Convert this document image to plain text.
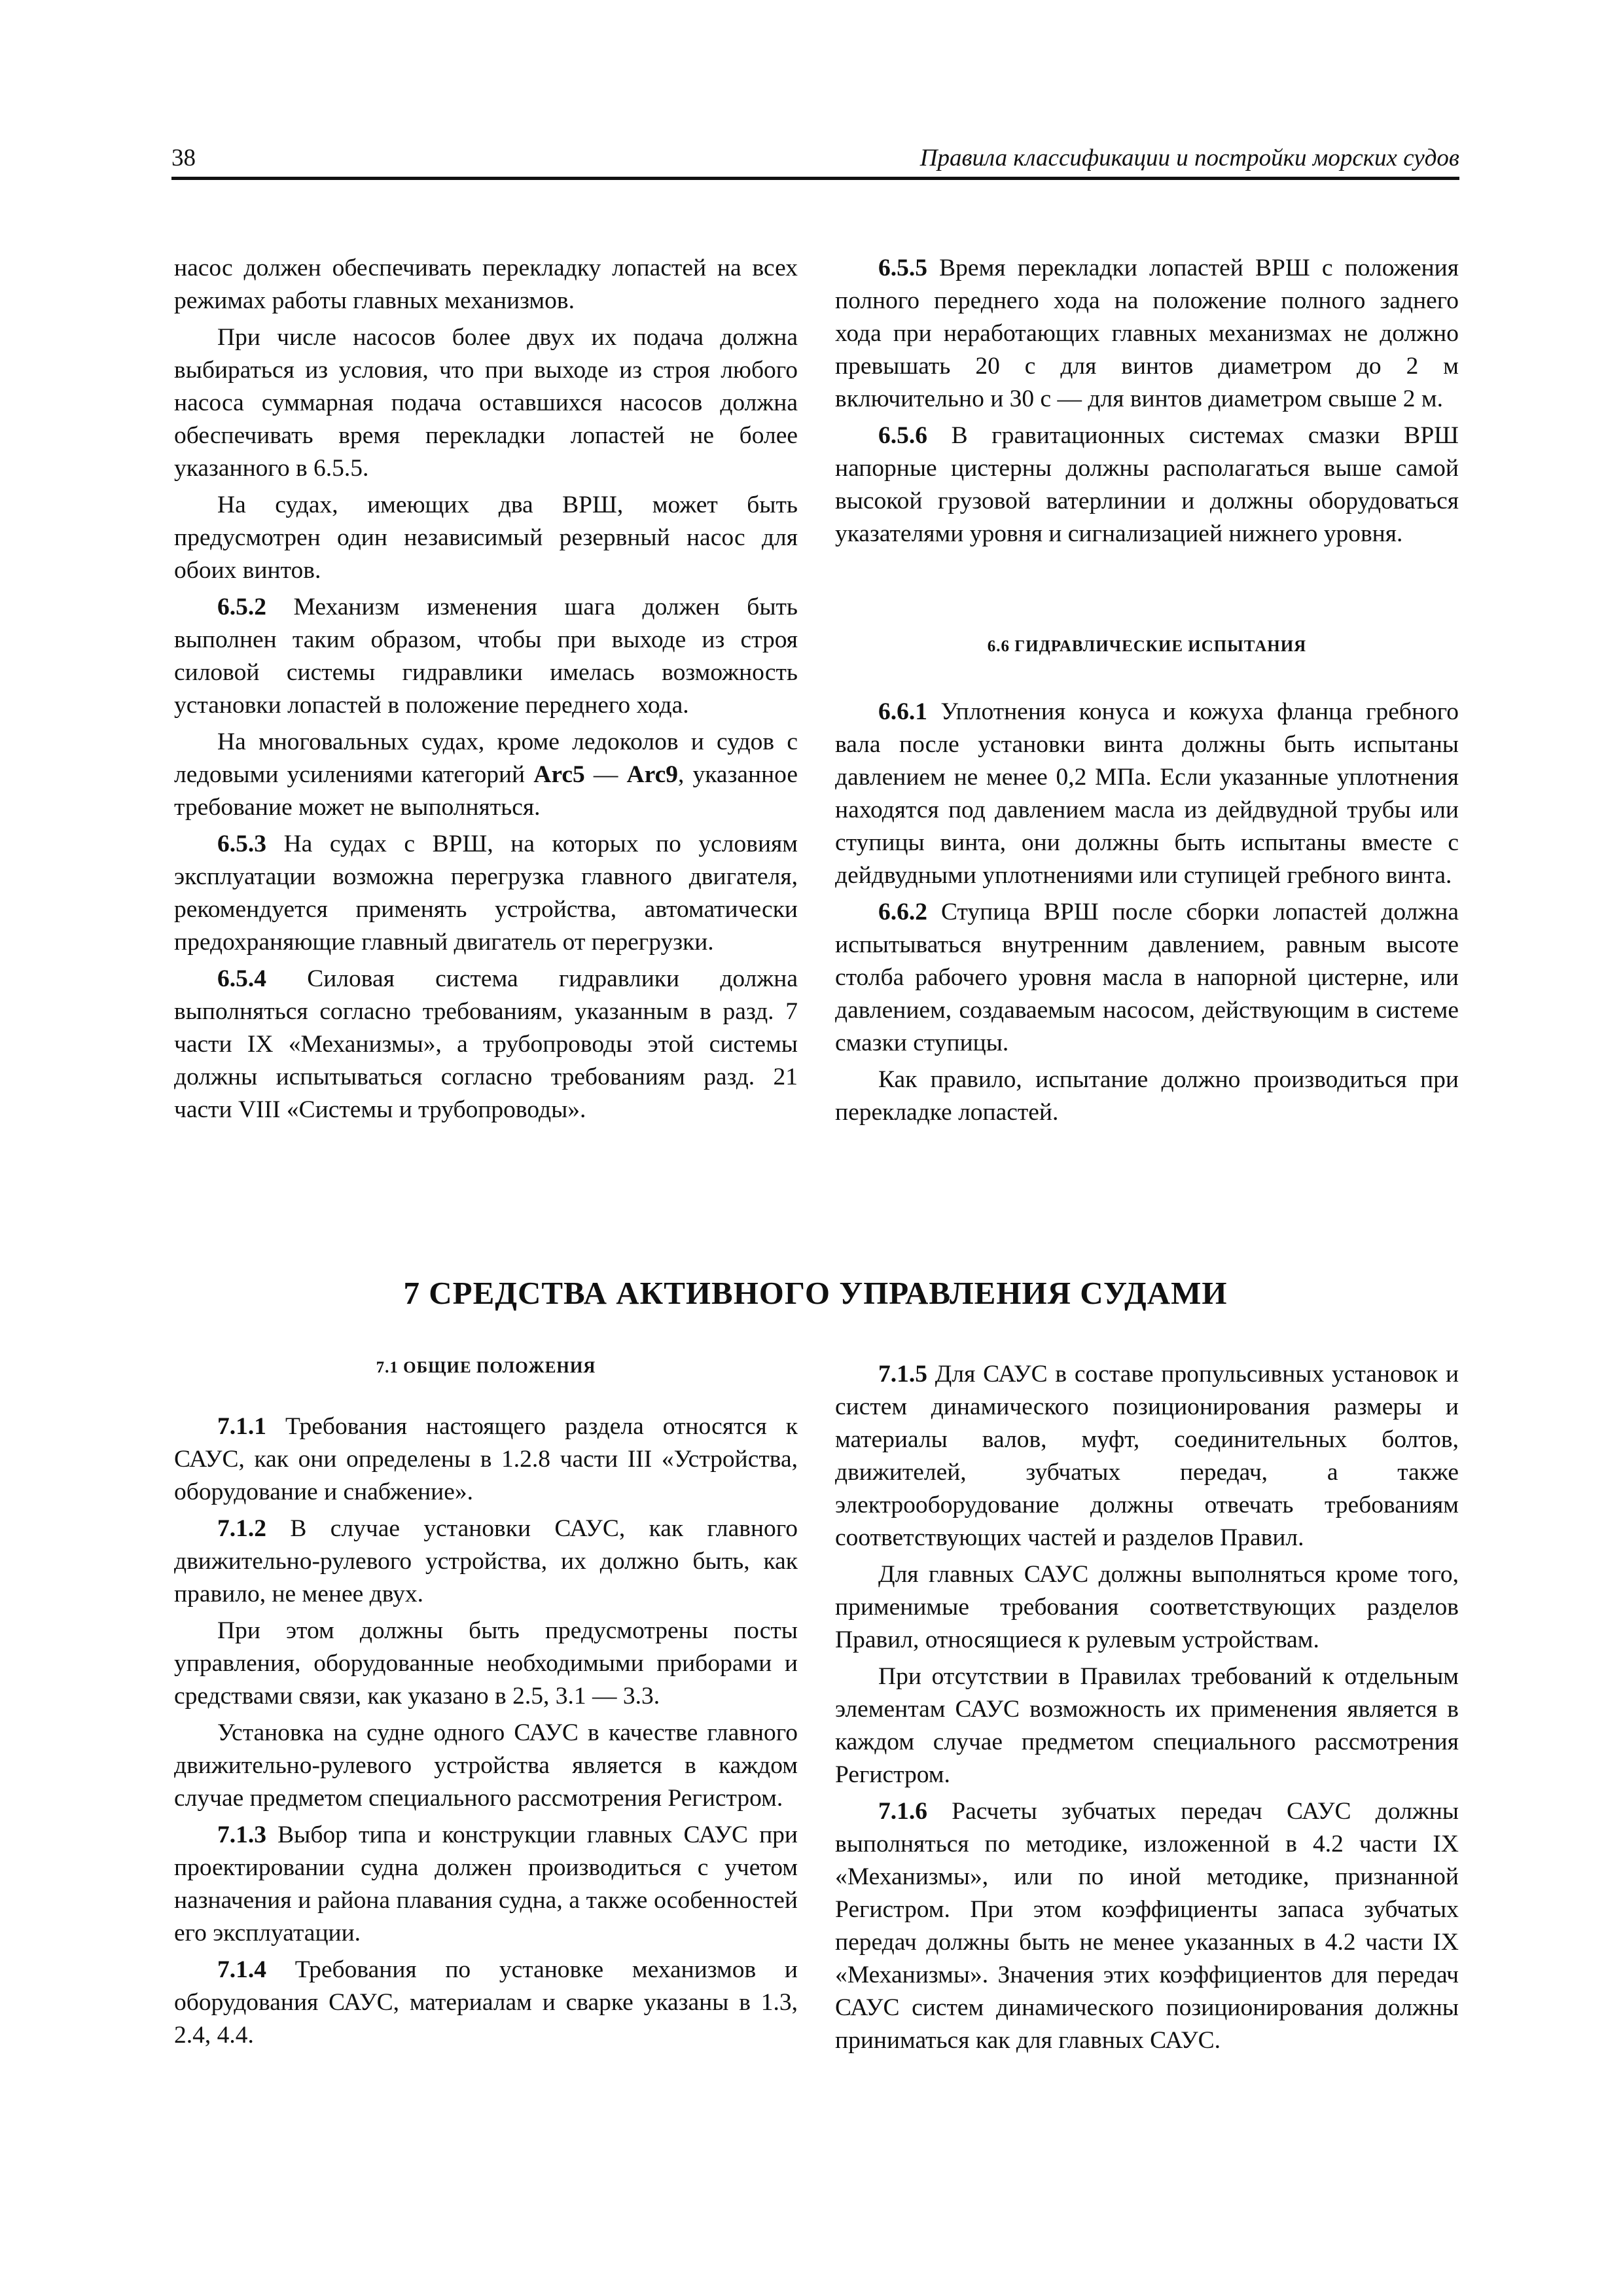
38	Правила классификации и постройки морских судов

насос должен обеспечивать перекладку лопастей на всех режимах работы главных механизмов.

При числе насосов более двух их подача должна выбираться из условия, что при выходе из строя любого насоса суммарная подача оставшихся насосов должна обеспечивать время перекладки лопастей не более указанного в 6.5.5.

На судах, имеющих два ВРШ, может быть предусмотрен один независимый резервный насос для обоих винтов.

6.5.2 Механизм изменения шага должен быть выполнен таким образом, чтобы при выходе из строя силовой системы гидравлики имелась возможность установки лопастей в положение переднего хода.

На многовальных судах, кроме ледоколов и судов с ледовыми усилениями категорий Arc5 — Arc9, указанное требование может не выполняться.

6.5.3 На судах с ВРШ, на которых по условиям эксплуатации возможна перегрузка главного двигателя, рекомендуется применять устройства, автоматически предохраняющие главный двигатель от перегрузки.

6.5.4 Силовая система гидравлики должна выполняться согласно требованиям, указанным в разд. 7 части IX «Механизмы», а трубопроводы этой системы должны испытываться согласно требованиям разд. 21 части VIII «Системы и трубопроводы».

6.5.5 Время перекладки лопастей ВРШ с положения полного переднего хода на положение полного заднего хода при неработающих главных механизмах не должно превышать 20 с для винтов диаметром до 2 м включительно и 30 с — для винтов диаметром свыше 2 м.

6.5.6 В гравитационных системах смазки ВРШ напорные цистерны должны располагаться выше самой высокой грузовой ватерлинии и должны оборудоваться указателями уровня и сигнализацией нижнего уровня.

6.6 ГИДРАВЛИЧЕСКИЕ ИСПЫТАНИЯ

6.6.1 Уплотнения конуса и кожуха фланца гребного вала после установки винта должны быть испытаны давлением не менее 0,2 МПа. Если указанные уплотнения находятся под давлением масла из дейдвудной трубы или ступицы винта, они должны быть испытаны вместе с дейдвудными уплотнениями или ступицей гребного винта.

6.6.2 Ступица ВРШ после сборки лопастей должна испытываться внутренним давлением, равным высоте столба рабочего уровня масла в напорной цистерне, или давлением, создаваемым насосом, действующим в системе смазки ступицы.

Как правило, испытание должно производиться при перекладке лопастей.

7 СРЕДСТВА АКТИВНОГО УПРАВЛЕНИЯ СУДАМИ
7.1 ОБЩИЕ ПОЛОЖЕНИЯ

7.1.1 Требования настоящего раздела относятся к САУС, как они определены в 1.2.8 части III «Устройства, оборудование и снабжение».

7.1.2 В случае установки САУС, как главного движительно-рулевого устройства, их должно быть, как правило, не менее двух.

При этом должны быть предусмотрены посты управления, оборудованные необходимыми приборами и средствами связи, как указано в 2.5, 3.1 — 3.3.

Установка на судне одного САУС в качестве главного движительно-рулевого устройства является в каждом случае предметом специального рассмотрения Регистром.

7.1.3 Выбор типа и конструкции главных САУС при проектировании судна должен производиться с учетом назначения и района плавания судна, а также особенностей его эксплуатации.

7.1.4 Требования по установке механизмов и оборудования САУС, материалам и сварке указаны в 1.3, 2.4, 4.4.

7.1.5 Для САУС в составе пропульсивных установок и систем динамического позиционирования размеры и материалы валов, муфт, соединительных болтов, движителей, зубчатых передач, а также электрооборудование должны отвечать требованиям соответствующих частей и разделов Правил.

Для главных САУС должны выполняться кроме того, применимые требования соответствующих разделов Правил, относящиеся к рулевым устройствам.

При отсутствии в Правилах требований к отдельным элементам САУС возможность их применения является в каждом случае предметом специального рассмотрения Регистром.

7.1.6 Расчеты зубчатых передач САУС должны выполняться по методике, изложенной в 4.2 части IX «Механизмы», или по иной методике, признанной Регистром. При этом коэффициенты запаса зубчатых передач должны быть не менее указанных в 4.2 части IX «Механизмы». Значения этих коэффициентов для передач САУС систем динамического позиционирования должны приниматься как для главных САУС.
